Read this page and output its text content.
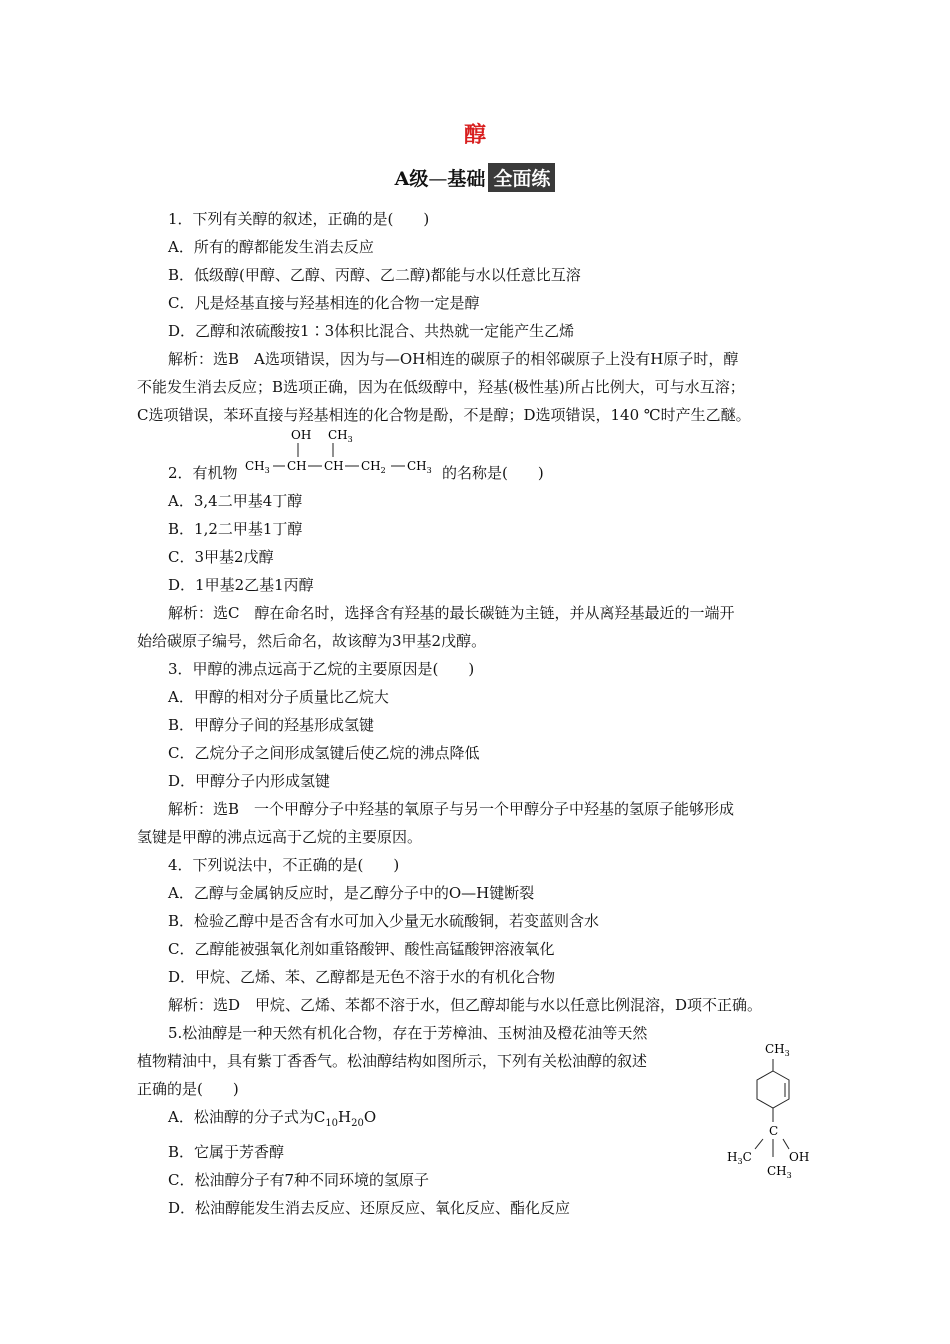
醇
A级—基础 全面练

1．下列有关醇的叙述，正确的是(　　)

A．所有的醇都能发生消去反应

B．低级醇(甲醇、乙醇、丙醇、乙二醇)都能与水以任意比互溶

C．凡是烃基直接与羟基相连的化合物一定是醇

D．乙醇和浓硫酸按1∶3体积比混合、共热就一定能产生乙烯

解析：选B　A选项错误，因为与—OH相连的碳原子的相邻碳原子上没有H原子时，醇

不能发生消去反应；B选项正确，因为在低级醇中，羟基(极性基)所占比例大，可与水互溶；

C选项错误，苯环直接与羟基相连的化合物是酚，不是醇；D选项错误，140 ℃时产生乙醚。

2．有机物
OH $CH_3$
$CH_3$ CH CH $CH_2$ $CH_3$ 的名称是(　　)

A．3,4二甲基4丁醇

B．1,2二甲基1丁醇

C．3甲基2戊醇

D．1甲基2乙基1丙醇

解析：选C　醇在命名时，选择含有羟基的最长碳链为主链，并从离羟基最近的一端开

始给碳原子编号，然后命名，故该醇为3甲基2戊醇。

3．甲醇的沸点远高于乙烷的主要原因是(　　)

A．甲醇的相对分子质量比乙烷大

B．甲醇分子间的羟基形成氢键

C．乙烷分子之间形成氢键后使乙烷的沸点降低

D．甲醇分子内形成氢键

解析：选B　一个甲醇分子中羟基的氧原子与另一个甲醇分子中羟基的氢原子能够形成

氢键是甲醇的沸点远高于乙烷的主要原因。

4．下列说法中，不正确的是(　　)

A．乙醇与金属钠反应时，是乙醇分子中的O—H键断裂

B．检验乙醇中是否含有水可加入少量无水硫酸铜，若变蓝则含水

C．乙醇能被强氧化剂如重铬酸钾、酸性高锰酸钾溶液氧化

D．甲烷、乙烯、苯、乙醇都是无色不溶于水的有机化合物

解析：选D　甲烷、乙烯、苯都不溶于水，但乙醇却能与水以任意比例混溶，D项不正确。

5.松油醇是一种天然有机化合物，存在于芳樟油、玉树油及橙花油等天然

植物精油中，具有紫丁香香气。松油醇结构如图所示，下列有关松油醇的叙述

正确的是(　　)

A．松油醇的分子式为$C_{10}H_{20}O$

B．它属于芳香醇

C．松油醇分子有7种不同环境的氢原子

D．松油醇能发生消去反应、还原反应、氧化反应、酯化反应

$CH_3$
C
$H_3C$	OH
$CH_3$
